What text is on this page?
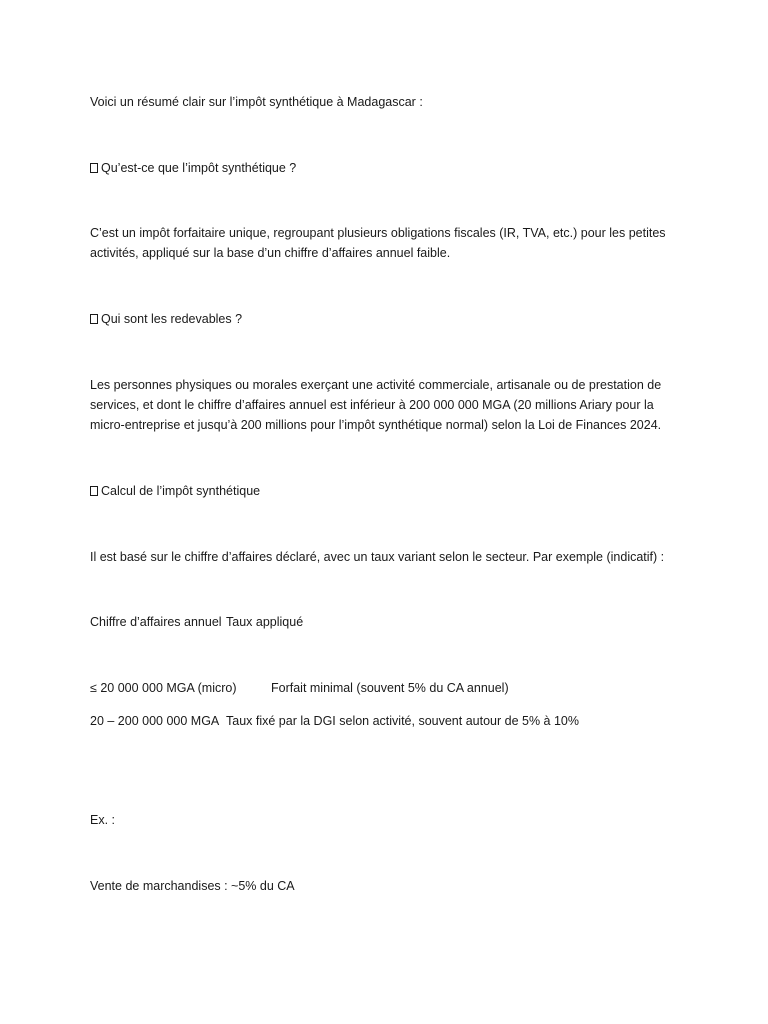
Voici un résumé clair sur l’impôt synthétique à Madagascar :
Qu’est-ce que l’impôt synthétique ?
C’est un impôt forfaitaire unique, regroupant plusieurs obligations fiscales (IR, TVA, etc.) pour les petites
activités, appliqué sur la base d’un chiffre d’affaires annuel faible.
Qui sont les redevables ?
Les personnes physiques ou morales exerçant une activité commerciale, artisanale ou de prestation de
services, et dont le chiffre d’affaires annuel est inférieur à 200 000 000 MGA (20 millions Ariary pour la
micro-entreprise et jusqu’à 200 millions pour l’impôt synthétique normal) selon la Loi de Finances 2024.
Calcul de l’impôt synthétique
Il est basé sur le chiffre d’affaires déclaré, avec un taux variant selon le secteur. Par exemple (indicatif) :
Chiffre d’affaires annuel Taux appliqué
≤ 20 000 000 MGA (micro)	Forfait minimal (souvent 5% du CA annuel)
20 – 200 000 000 MGA Taux fixé par la DGI selon activité, souvent autour de 5% à 10%
Ex. :
Vente de marchandises : ~5% du CA
